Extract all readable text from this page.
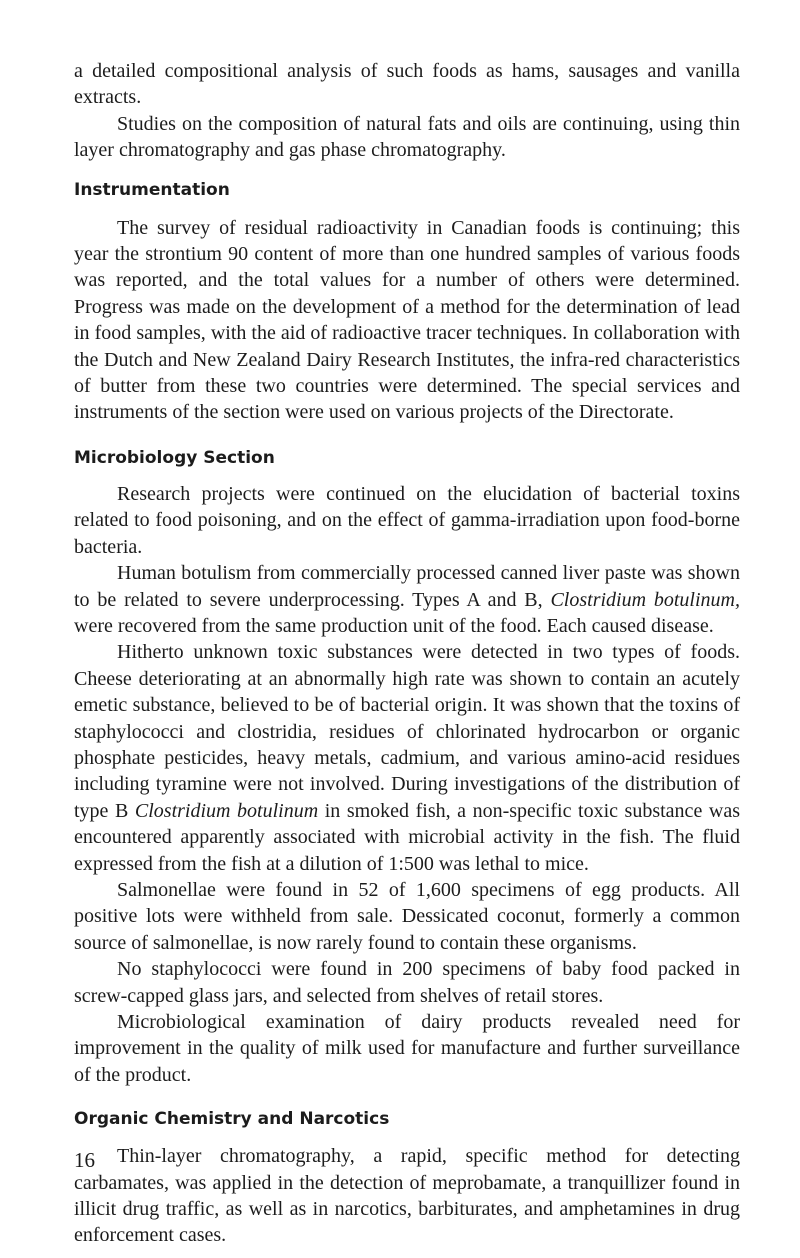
a detailed compositional analysis of such foods as hams, sausages and vanilla extracts.

Studies on the composition of natural fats and oils are continuing, using thin layer chromatography and gas phase chromatography.

Instrumentation

The survey of residual radioactivity in Canadian foods is continuing; this year the strontium 90 content of more than one hundred samples of various foods was reported, and the total values for a number of others were determined. Progress was made on the development of a method for the determination of lead in food samples, with the aid of radioactive tracer techniques. In collaboration with the Dutch and New Zealand Dairy Research Institutes, the infra-red characteristics of butter from these two countries were determined. The special services and instruments of the section were used on various projects of the Directorate.

Microbiology Section

Research projects were continued on the elucidation of bacterial toxins related to food poisoning, and on the effect of gamma-irradiation upon food-borne bacteria.

Human botulism from commercially processed canned liver paste was shown to be related to severe underprocessing. Types A and B, Clostridium botulinum, were recovered from the same production unit of the food. Each caused disease.

Hitherto unknown toxic substances were detected in two types of foods. Cheese deteriorating at an abnormally high rate was shown to contain an acutely emetic substance, believed to be of bacterial origin. It was shown that the toxins of staphylococci and clostridia, residues of chlorinated hydrocarbon or organic phosphate pesticides, heavy metals, cadmium, and various amino-acid residues including tyramine were not involved. During investigations of the distribution of type B Clostridium botulinum in smoked fish, a non-specific toxic substance was encountered apparently associated with microbial activity in the fish. The fluid expressed from the fish at a dilution of 1:500 was lethal to mice.

Salmonellae were found in 52 of 1,600 specimens of egg products. All positive lots were withheld from sale. Dessicated coconut, formerly a common source of salmonellae, is now rarely found to contain these organisms.

No staphylococci were found in 200 specimens of baby food packed in screw-capped glass jars, and selected from shelves of retail stores.

Microbiological examination of dairy products revealed need for improvement in the quality of milk used for manufacture and further surveillance of the product.

Organic Chemistry and Narcotics

Thin-layer chromatography, a rapid, specific method for detecting carbamates, was applied in the detection of meprobamate, a tranquillizer found in illicit drug traffic, as well as in narcotics, barbiturates, and amphetamines in drug enforcement cases.

16
